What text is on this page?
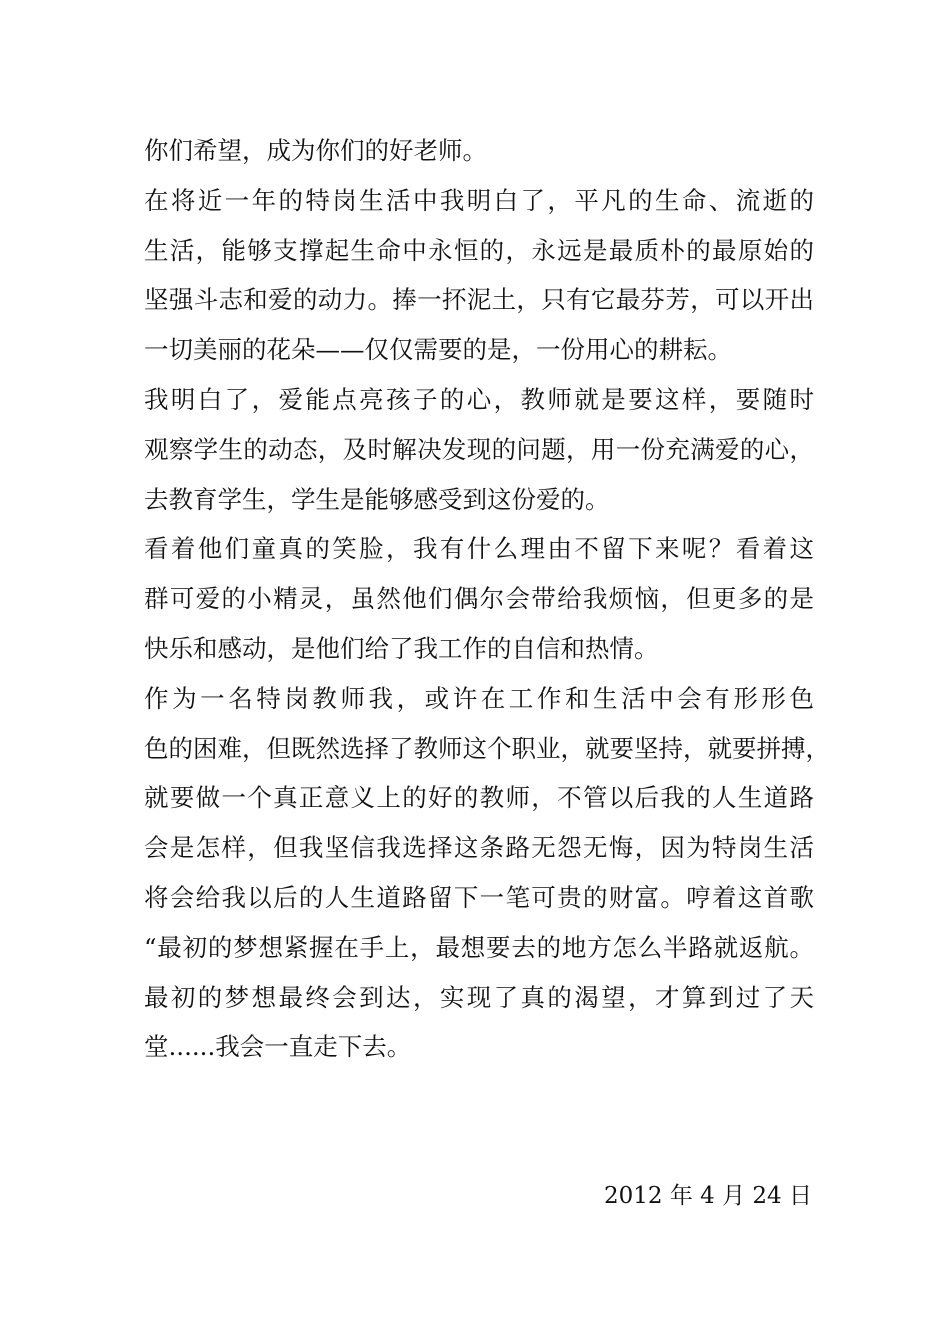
你们希望，成为你们的好老师。
在将近一年的特岗生活中我明白了，平凡的生命、流逝的
生活，能够支撑起生命中永恒的，永远是最质朴的最原始的
坚强斗志和爱的动力。捧一抔泥土，只有它最芬芳，可以开出
一切美丽的花朵——仅仅需要的是，一份用心的耕耘。
我明白了，爱能点亮孩子的心，教师就是要这样，要随时
观察学生的动态，及时解决发现的问题，用一份充满爱的心，
去教育学生，学生是能够感受到这份爱的。
看着他们童真的笑脸，我有什么理由不留下来呢？看着这
群可爱的小精灵，虽然他们偶尔会带给我烦恼，但更多的是
快乐和感动，是他们给了我工作的自信和热情。
作为一名特岗教师我，或许在工作和生活中会有形形色
色的困难，但既然选择了教师这个职业，就要坚持，就要拼搏，
就要做一个真正意义上的好的教师，不管以后我的人生道路
会是怎样，但我坚信我选择这条路无怨无悔，因为特岗生活
将会给我以后的人生道路留下一笔可贵的财富。哼着这首歌
“最初的梦想紧握在手上，最想要去的地方怎么半路就返航。
最初的梦想最终会到达，实现了真的渴望，才算到过了天
堂......我会一直走下去。
2012 年 4 月 24 日
